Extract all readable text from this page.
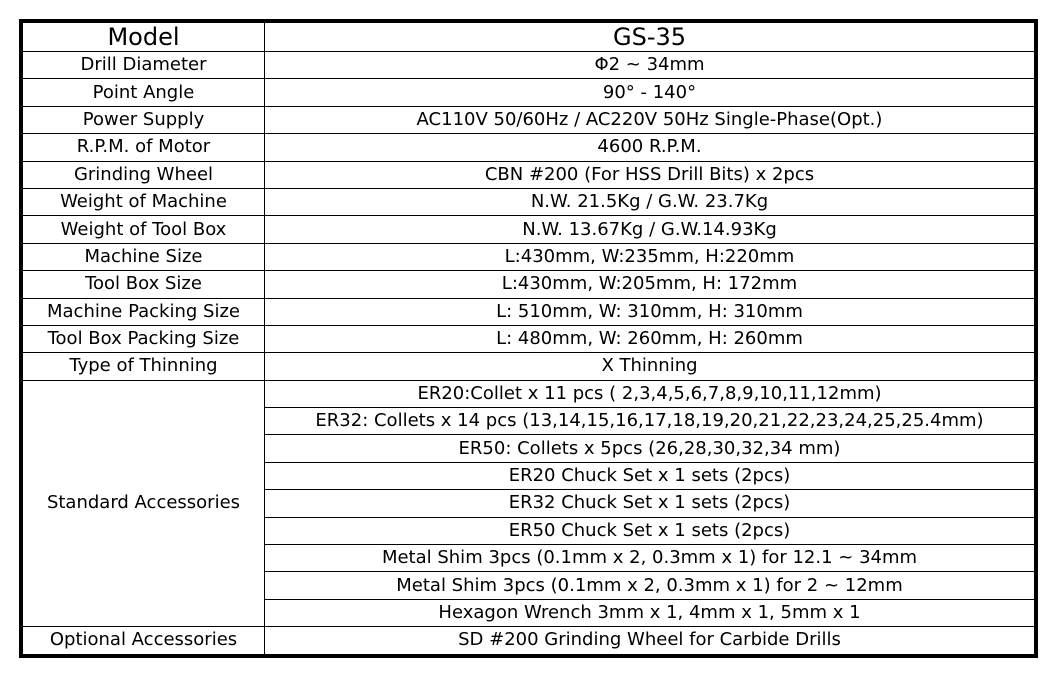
Model	GS-35
Drill Diameter	Φ2 ~ 34mm
Point Angle	90° - 140°
Power Supply	AC110V 50/60Hz / AC220V 50Hz Single-Phase(Opt.)
R.P.M. of Motor	4600 R.P.M.
Grinding Wheel	CBN #200 (For HSS Drill Bits) x 2pcs
Weight of Machine	N.W. 21.5Kg / G.W. 23.7Kg
Weight of Tool Box	N.W. 13.67Kg / G.W.14.93Kg
Machine Size	L:430mm, W:235mm, H:220mm
Tool Box Size	L:430mm, W:205mm, H: 172mm
Machine Packing Size	L: 510mm, W: 310mm, H: 310mm
Tool Box Packing Size	L: 480mm, W: 260mm, H: 260mm
Type of Thinning	X Thinning
Standard Accessories	ER20:Collet x 11 pcs ( 2,3,4,5,6,7,8,9,10,11,12mm)
	ER32: Collets x 14 pcs (13,14,15,16,17,18,19,20,21,22,23,24,25,25.4mm)
	ER50: Collets x 5pcs (26,28,30,32,34 mm)
	ER20 Chuck Set x 1 sets (2pcs)
	ER32 Chuck Set x 1 sets (2pcs)
	ER50 Chuck Set x 1 sets (2pcs)
	Metal Shim 3pcs (0.1mm x 2, 0.3mm x 1) for 12.1 ~ 34mm
	Metal Shim 3pcs (0.1mm x 2, 0.3mm x 1) for 2 ~ 12mm
	Hexagon Wrench 3mm x 1, 4mm x 1, 5mm x 1
Optional Accessories	SD #200 Grinding Wheel for Carbide Drills
